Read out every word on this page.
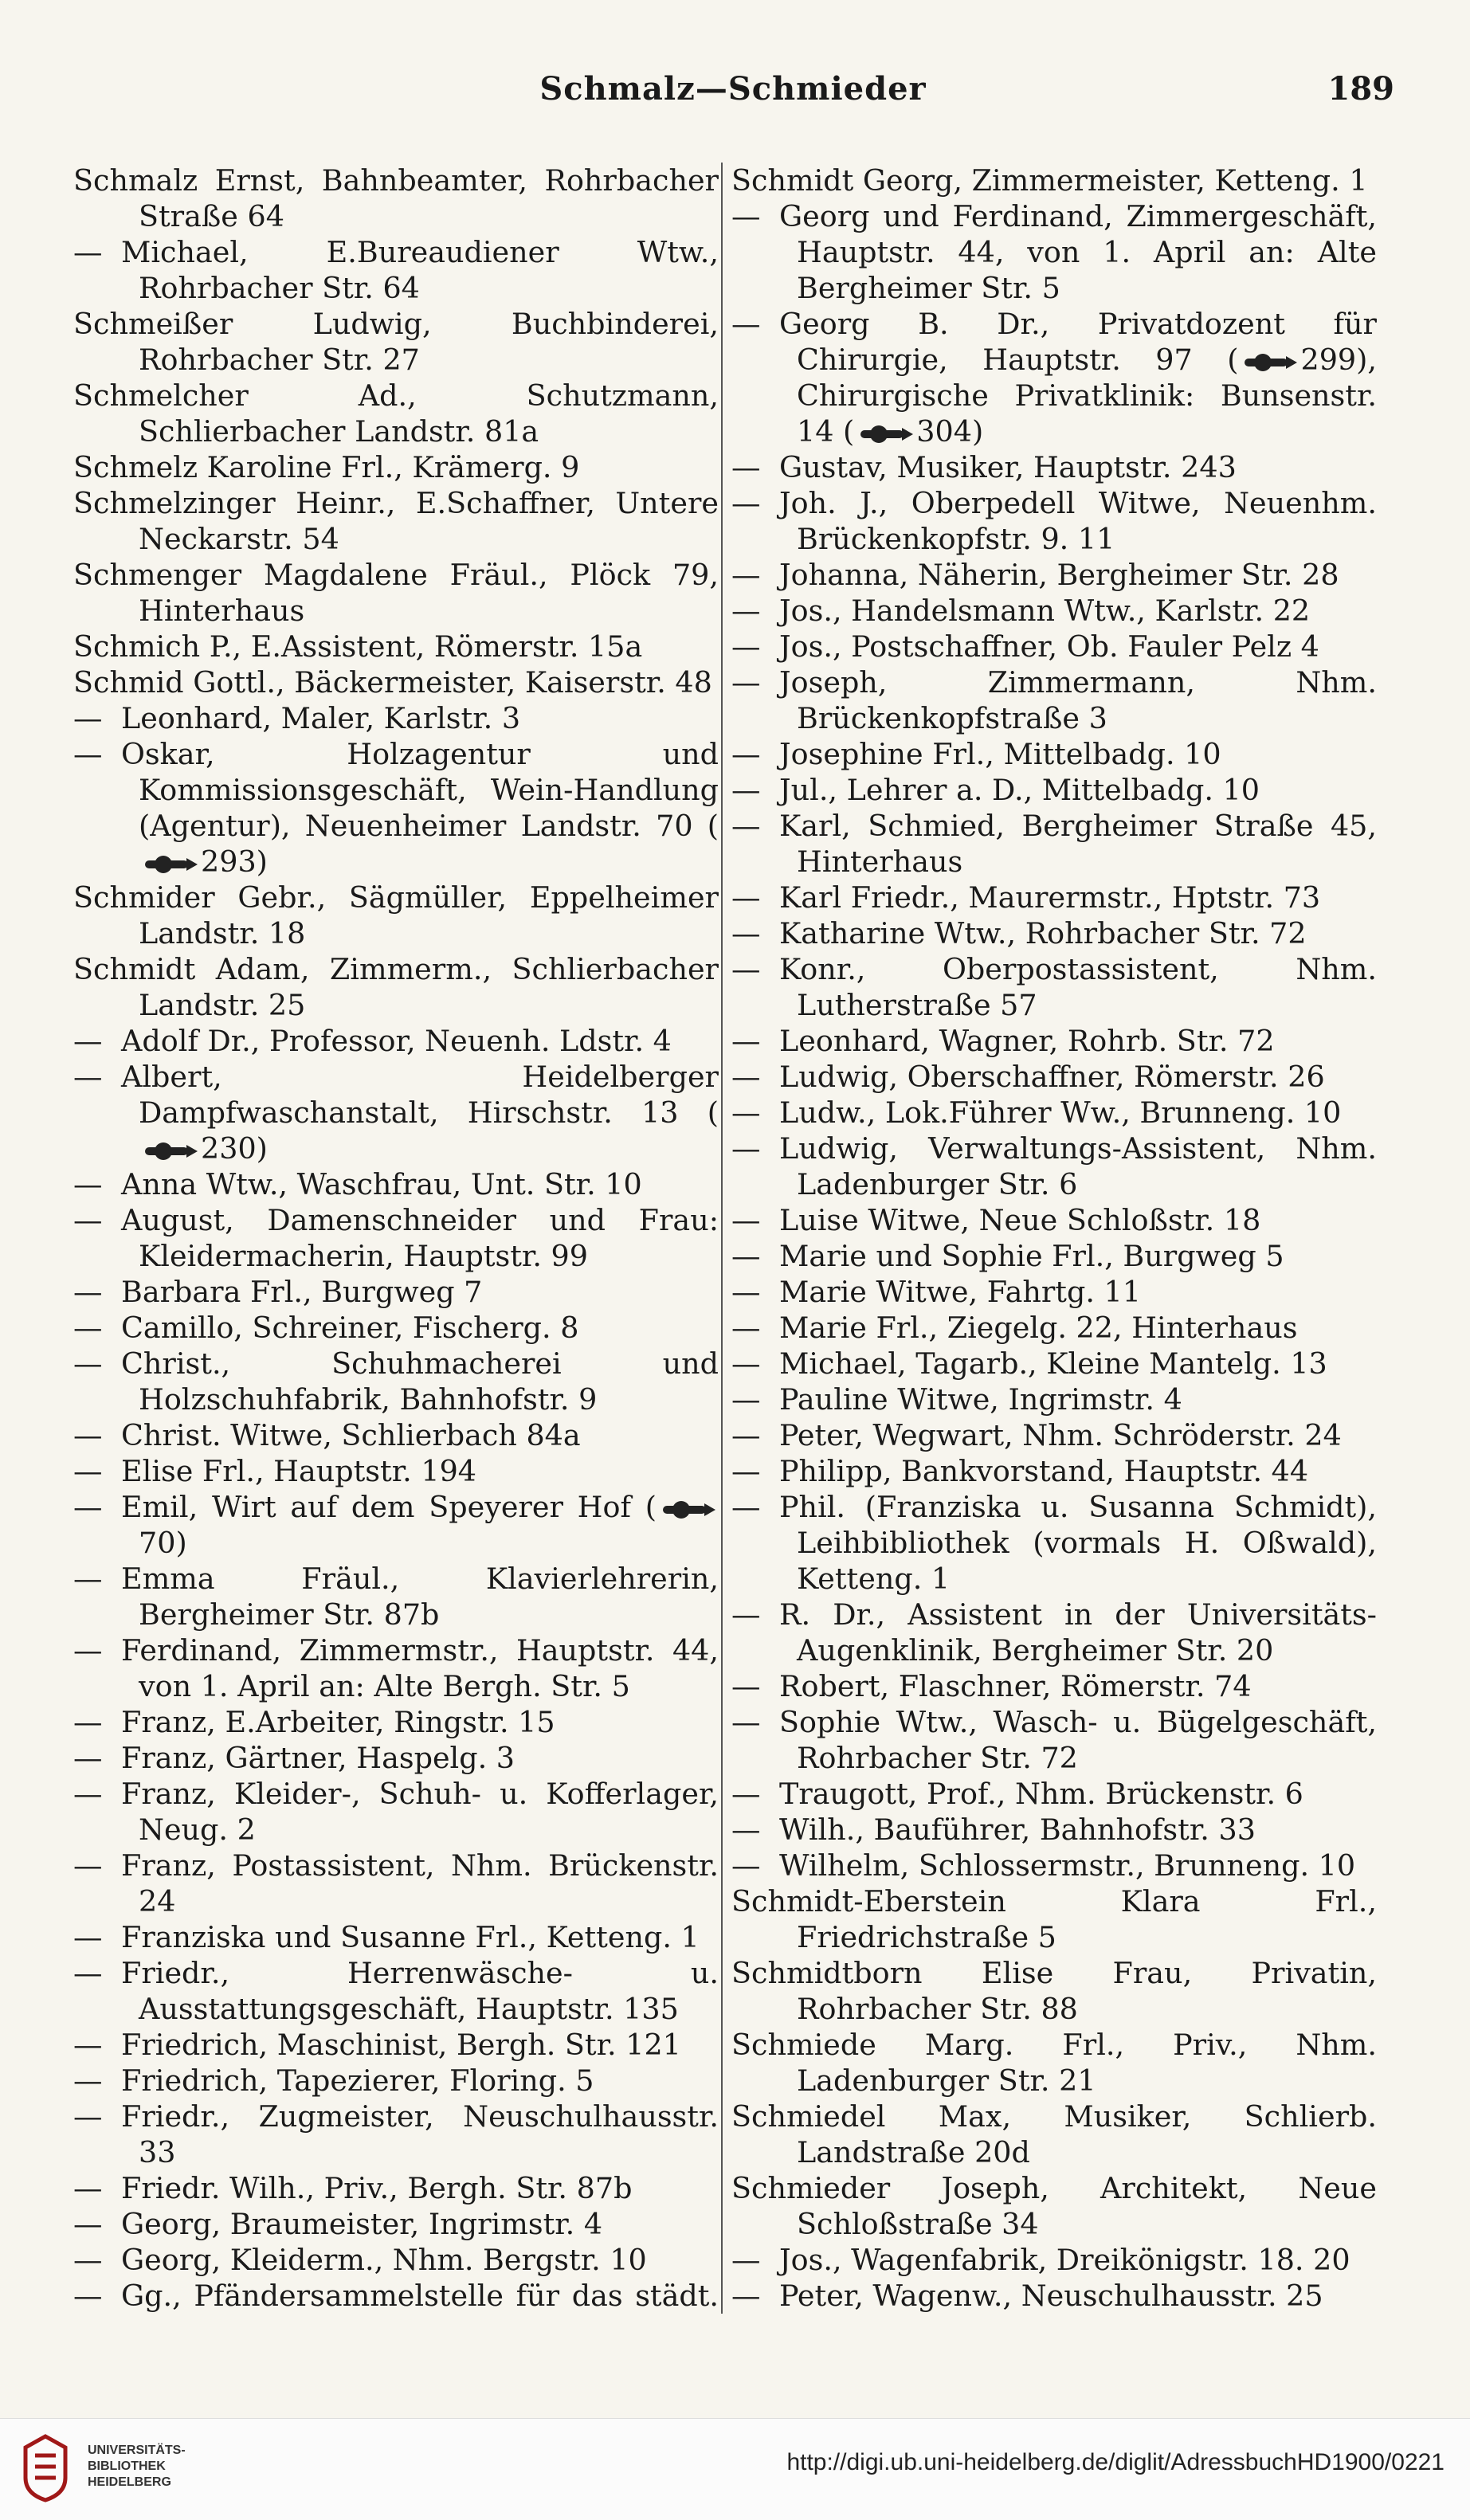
Schmalz—Schmieder	189

Schmalz Ernst, Bahnbeamter, Rohrbacher Straße 64

— Michael, E.Bureaudiener Wtw., Rohrbacher Str. 64

Schmeißer Ludwig, Buchbinderei, Rohrbacher Str. 27

Schmelcher Ad., Schutzmann, Schlierbacher Landstr. 81a

Schmelz Karoline Frl., Krämerg. 9

Schmelzinger Heinr., E.Schaffner, Untere Neckarstr. 54

Schmenger Magdalene Fräul., Plöck 79, Hinterhaus

Schmich P., E.Assistent, Römerstr. 15a

Schmid Gottl., Bäckermeister, Kaiserstr. 48

— Leonhard, Maler, Karlstr. 3

— Oskar, Holzagentur und Kommissionsgeschäft, Wein-Handlung (Agentur), Neuenheimer Landstr. 70 (
293)

Schmider Gebr., Sägmüller, Eppelheimer Landstr. 18

Schmidt Adam, Zimmerm., Schlierbacher Landstr. 25

— Adolf Dr., Professor, Neuenh. Ldstr. 4

— Albert, Heidelberger Dampfwaschanstalt, Hirschstr. 13 (
230)

— Anna Wtw., Waschfrau, Unt. Str. 10

— August, Damenschneider und Frau: Kleidermacherin, Hauptstr. 99

— Barbara Frl., Burgweg 7

— Camillo, Schreiner, Fischerg. 8

— Christ., Schuhmacherei und Holzschuhfabrik, Bahnhofstr. 9

— Christ. Witwe, Schlierbach 84a

— Elise Frl., Hauptstr. 194

— Emil, Wirt auf dem Speyerer Hof (
70)

— Emma Fräul., Klavierlehrerin, Bergheimer Str. 87b

— Ferdinand, Zimmermstr., Hauptstr. 44, von 1. April an: Alte Bergh. Str. 5

— Franz, E.Arbeiter, Ringstr. 15

— Franz, Gärtner, Haspelg. 3

— Franz, Kleider-, Schuh- u. Kofferlager, Neug. 2

— Franz, Postassistent, Nhm. Brückenstr. 24

— Franziska und Susanne Frl., Ketteng. 1

— Friedr., Herrenwäsche- u. Ausstattungsgeschäft, Hauptstr. 135

— Friedrich, Maschinist, Bergh. Str. 121

— Friedrich, Tapezierer, Floring. 5

— Friedr., Zugmeister, Neuschulhausstr. 33

— Friedr. Wilh., Priv., Bergh. Str. 87b

— Georg, Braumeister, Ingrimstr. 4

— Georg, Kleiderm., Nhm. Bergstr. 10

— Gg., Pfändersammelstelle für das städt.

Schmidt Georg, Zimmermeister, Ketteng. 1

— Georg und Ferdinand, Zimmergeschäft, Hauptstr. 44, von 1. April an: Alte Bergheimer Str. 5

— Georg B. Dr., Privatdozent für Chirurgie, Hauptstr. 97 ( 299), Chirurgische Privatklinik: Bunsenstr. 14 ( 304)

— Gustav, Musiker, Hauptstr. 243

— Joh. J., Oberpedell Witwe, Neuenhm. Brückenkopfstr. 9. 11

— Johanna, Näherin, Bergheimer Str. 28

— Jos., Handelsmann Wtw., Karlstr. 22

— Jos., Postschaffner, Ob. Fauler Pelz 4

— Joseph, Zimmermann, Nhm. Brückenkopfstraße 3

— Josephine Frl., Mittelbadg. 10

— Jul., Lehrer a. D., Mittelbadg. 10

— Karl, Schmied, Bergheimer Straße 45, Hinterhaus

— Karl Friedr., Maurermstr., Hptstr. 73

— Katharine Wtw., Rohrbacher Str. 72

— Konr., Oberpostassistent, Nhm. Lutherstraße 57

— Leonhard, Wagner, Rohrb. Str. 72

— Ludwig, Oberschaffner, Römerstr. 26

— Ludw., Lok.Führer Ww., Brunneng. 10

— Ludwig, Verwaltungs-Assistent, Nhm. Ladenburger Str. 6

— Luise Witwe, Neue Schloßstr. 18

— Marie und Sophie Frl., Burgweg 5

— Marie Witwe, Fahrtg. 11

— Marie Frl., Ziegelg. 22, Hinterhaus

— Michael, Tagarb., Kleine Mantelg. 13

— Pauline Witwe, Ingrimstr. 4

— Peter, Wegwart, Nhm. Schröderstr. 24

— Philipp, Bankvorstand, Hauptstr. 44

— Phil. (Franziska u. Susanna Schmidt), Leihbibliothek (vormals H. Oßwald), Ketteng. 1

— R. Dr., Assistent in der Universitäts-Augenklinik, Bergheimer Str. 20

— Robert, Flaschner, Römerstr. 74

— Sophie Wtw., Wasch- u. Bügelgeschäft, Rohrbacher Str. 72

— Traugott, Prof., Nhm. Brückenstr. 6

— Wilh., Bauführer, Bahnhofstr. 33

— Wilhelm, Schlossermstr., Brunneng. 10

Schmidt-Eberstein Klara Frl., Friedrichstraße 5

Schmidtborn Elise Frau, Privatin, Rohrbacher Str. 88

Schmiede Marg. Frl., Priv., Nhm. Ladenburger Str. 21

Schmiedel Max, Musiker, Schlierb. Landstraße 20d

Schmieder Joseph, Architekt, Neue Schloßstraße 34

— Jos., Wagenfabrik, Dreikönigstr. 18. 20

— Peter, Wagenw., Neuschulhausstr. 25

UNIVERSITÄTS-
BIBLIOTHEK
HEIDELBERG
http://digi.ub.uni-heidelberg.de/diglit/AdressbuchHD1900/0221
